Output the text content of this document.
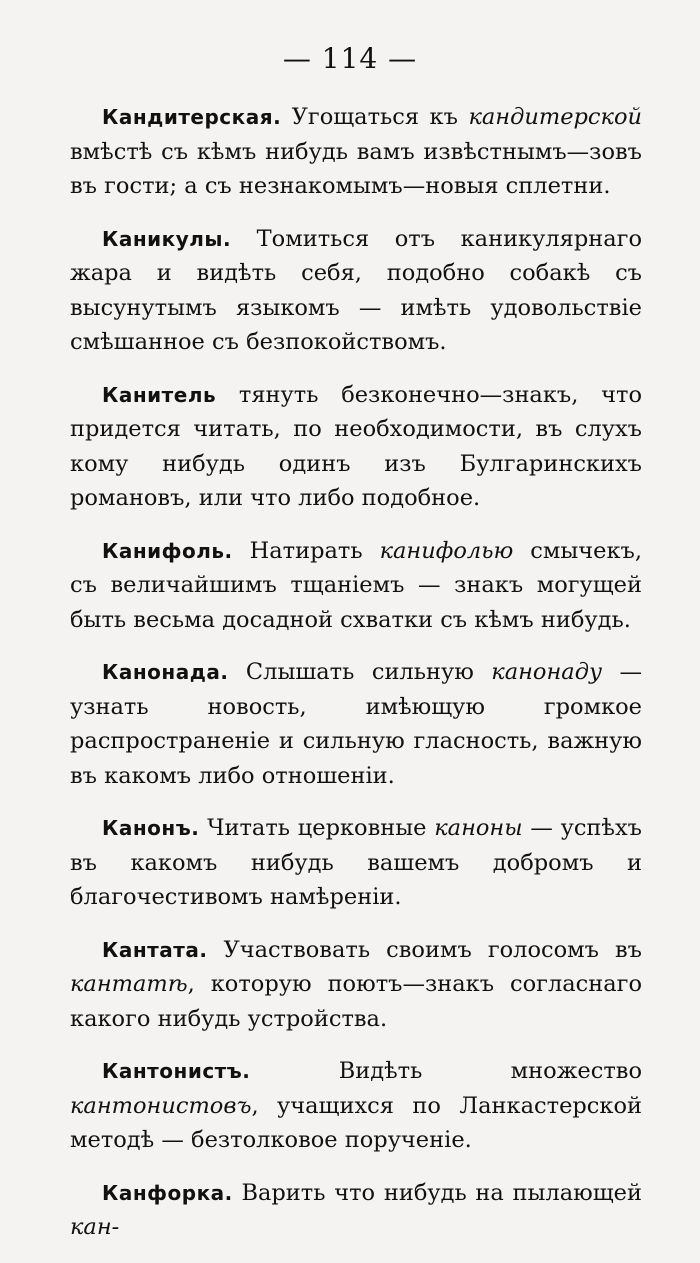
— 114 —
Кандитерская. Угощаться къ кандитерской вмѣстѣ съ кѣмъ нибудь вамъ извѣстнымъ—зовъ въ гости; а съ незнакомымъ—новыя сплетни.
Каникулы. Томиться отъ каникулярнаго жара и видѣть себя, подобно собакѣ съ высунутымъ языкомъ — имѣть удовольствіе смѣшанное съ безпокойствомъ.
Канитель тянуть безконечно—знакъ, что придется читать, по необходимости, въ слухъ кому нибудь одинъ изъ Булгаринскихъ романовъ, или что либо подобное.
Канифоль. Натирать канифолью смычекъ, съ величайшимъ тщаніемъ — знакъ могущей быть весьма досадной схватки съ кѣмъ нибудь.
Канонада. Слышать сильную канонаду — узнать новость, имѣющую громкое распространеніе и сильную гласность, важную въ какомъ либо отношеніи.
Канонъ. Читать церковные каноны — успѣхъ въ какомъ нибудь вашемъ добромъ и благочестивомъ намѣреніи.
Кантата. Участвовать своимъ голосомъ въ кантатѣ, которую поютъ—знакъ согласнаго какого нибудь устройства.
Кантонистъ. Видѣть множество кантонистовъ, учащихся по Ланкастерской методѣ — безтолковое порученіе.
Канфорка. Варить что нибудь на пылающей кан-
